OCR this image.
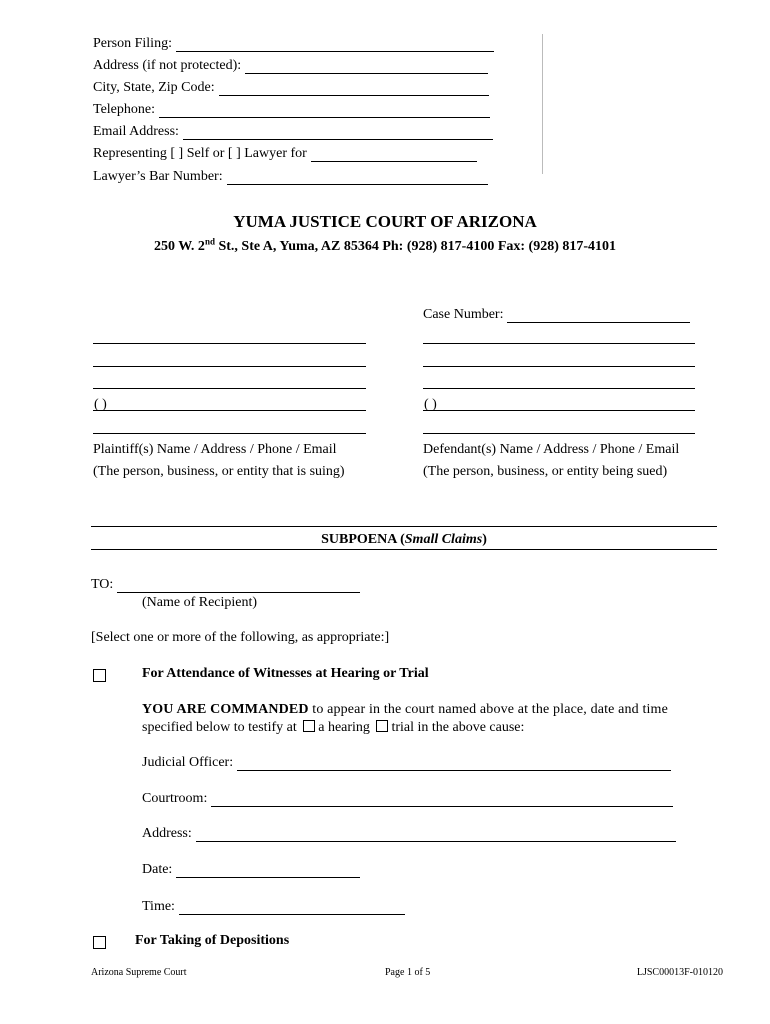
Person Filing:
Address (if not protected):
City, State, Zip Code:
Telephone:
Email Address:
Representing [ ] Self or [ ] Lawyer for
Lawyer’s Bar Number:
YUMA JUSTICE COURT OF ARIZONA
250 W. 2nd St., Ste A, Yuma, AZ 85364 Ph: (928) 817-4100 Fax: (928) 817-4101
Case Number:
( )
Plaintiff(s) Name / Address / Phone / Email
(The person, business, or entity that is suing)
( )
Defendant(s) Name / Address / Phone / Email
(The person, business, or entity being sued)
SUBPOENA (Small Claims)
TO:
(Name of Recipient)
[Select one or more of the following, as appropriate:]
For Attendance of Witnesses at Hearing or Trial
YOU ARE COMMANDED to appear in the court named above at the place, date and time
specified below to testify at a hearing trial in the above cause:
Judicial Officer:
Courtroom:
Address:
Date:
Time:
For Taking of Depositions
Arizona Supreme Court	Page 1 of 5	LJSC00013F-010120
